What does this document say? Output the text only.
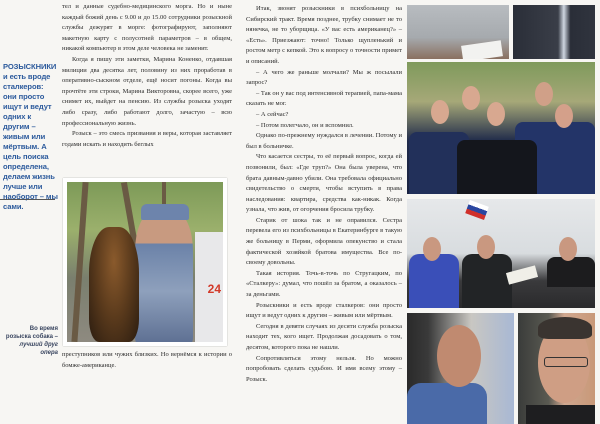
РОЗЫСКНИКИ и есть вроде сталкеров: они просто ищут и ведут одних к другим – живым или мёртвым. А цель поиска определена, делаем жизнь лучше или наоборот – мы сами.

тел и данные судебно-медицинского морга. Но и ныне каждый божий день с 9.00 и до 15.00 сотрудники розыскной службы дежурят в морге: фотографируют, заполняют макетную карту с полусотней параметров – в общем, никакой компьютер в этом деле человека не заменит.

Когда я пишу эти заметки, Марина Коненко, отдавшая милиции два десятка лет, половину из них проработав в оперативно-сыскном отделе, ещё носит погоны. Когда вы прочтёте эти строки, Марина Викторовна, скорее всего, уже снимет их, выйдет на пенсию. Из службы розыска уходят либо сразу, либо работают долго, зачастую – всю профессиональную жизнь.

Розыск – это смесь призвания и веры, которая заставляет годами искать и находить беглых

24
Во время розыска собака – лучший друг опера преступников или чужих близких. Но вернёмся к истории о бомже-американце.

Итак, звонят розыскники в психбольницу на Сибирский тракт. Время позднее, трубку снимает не то нянечка, не то уборщица. «У вас есть американец?» – «Есть». Приезжают: точно! Только щупленький и ростом метр с кепкой. Это к вопросу о точности примет и описаний.

– А чего же раньше молчали? Мы ж посылали запрос?

– Так он у вас под интенсивной терапией, папа-мама сказать не мог.

– А сейчас?

– Потом полегчало, он и вспомнил.

Однако по-прежнему нуждался в лечении. Потому и был в больничке.

Что касается сестры, то её первый вопрос, когда ей позвонили, был: «Где труп?» Она была уверена, что брата давным-давно убили. Она требовала официально свидетельство о смерти, чтобы вступить в права наследования: квартира, средства как-никак. Когда узнала, что жив, от огорчения бросила трубку.

Старик от шока так и не оправился. Сестра перевела его из психбольницы в Екатеринбурге в такую же больницу в Перми, оформила опекунство и стала фактической хозяйкой братова имущества. Все по-своему довольны.

Такая история. Точь-в-точь по Стругацким, по «Сталкеру»: думал, что пошёл за братом, а оказалось – за деньгами.

Розыскники и есть вроде сталкеров: они просто ищут и ведут одних к другим – живым или мёртвым.

Сегодня в девяти случаях из десяти служба розыска находит тех, кого ищет. Продолжая досадовать о том, десятом, которого пока не нашли.

Сопротивляться этому нельзя. Но можно попробовать сделать судьбою. И имя всему этому – Розыск.
